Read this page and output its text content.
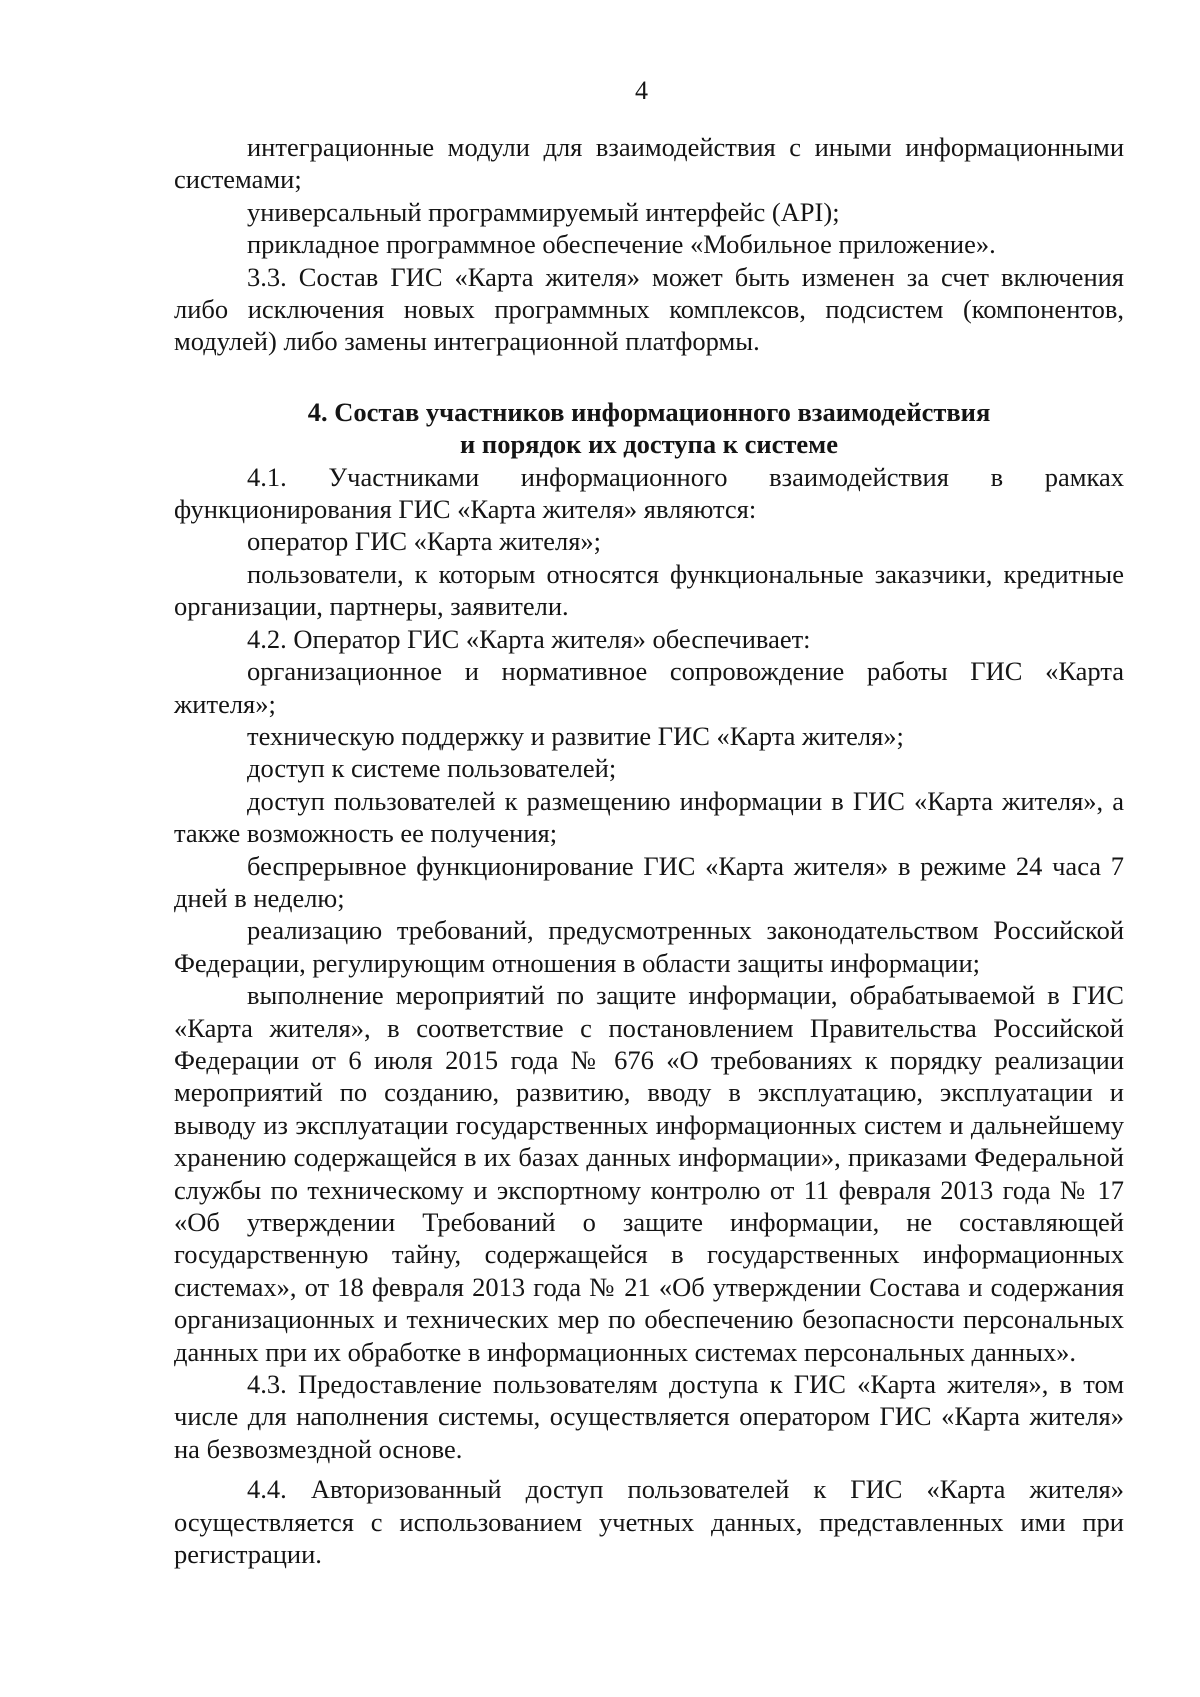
4

интеграционные модули для взаимодействия с иными информационными системами;

универсальный программируемый интерфейс (API);

прикладное программное обеспечение «Мобильное приложение».

3.3. Состав ГИС «Карта жителя» может быть изменен за счет включения либо исключения новых программных комплексов, подсистем (компонентов, модулей) либо замены интеграционной платформы.

4. Состав участников информационного взаимодействия
и порядок их доступа к системе

4.1. Участниками информационного взаимодействия в рамках функционирования ГИС «Карта жителя» являются:

оператор ГИС «Карта жителя»;

пользователи, к которым относятся функциональные заказчики, кредитные организации, партнеры, заявители.

4.2. Оператор ГИС «Карта жителя» обеспечивает:

организационное и нормативное сопровождение работы ГИС «Карта жителя»;

техническую поддержку и развитие ГИС «Карта жителя»;

доступ к системе пользователей;

доступ пользователей к размещению информации в ГИС «Карта жителя», а также возможность ее получения;

беспрерывное функционирование ГИС «Карта жителя» в режиме 24 часа 7 дней в неделю;

реализацию требований, предусмотренных законодательством Российской Федерации, регулирующим отношения в области защиты информации;

выполнение мероприятий по защите информации, обрабатываемой в ГИС «Карта жителя», в соответствие с постановлением Правительства Российской Федерации от 6 июля 2015 года № 676 «О требованиях к порядку реализации мероприятий по созданию, развитию, вводу в эксплуатацию, эксплуатации и выводу из эксплуатации государственных информационных систем и дальнейшему хранению содержащейся в их базах данных информации», приказами Федеральной службы по техническому и экспортному контролю от 11 февраля 2013 года № 17 «Об утверждении Требований о защите информации, не составляющей государственную тайну, содержащейся в государственных информационных системах», от 18 февраля 2013 года № 21 «Об утверждении Состава и содержания организационных и технических мер по обеспечению безопасности персональных данных при их обработке в информационных системах персональных данных».

4.3. Предоставление пользователям доступа к ГИС «Карта жителя», в том числе для наполнения системы, осуществляется оператором ГИС «Карта жителя» на безвозмездной основе.

4.4. Авторизованный доступ пользователей к ГИС «Карта жителя» осуществляется с использованием учетных данных, представленных ими при регистрации.
